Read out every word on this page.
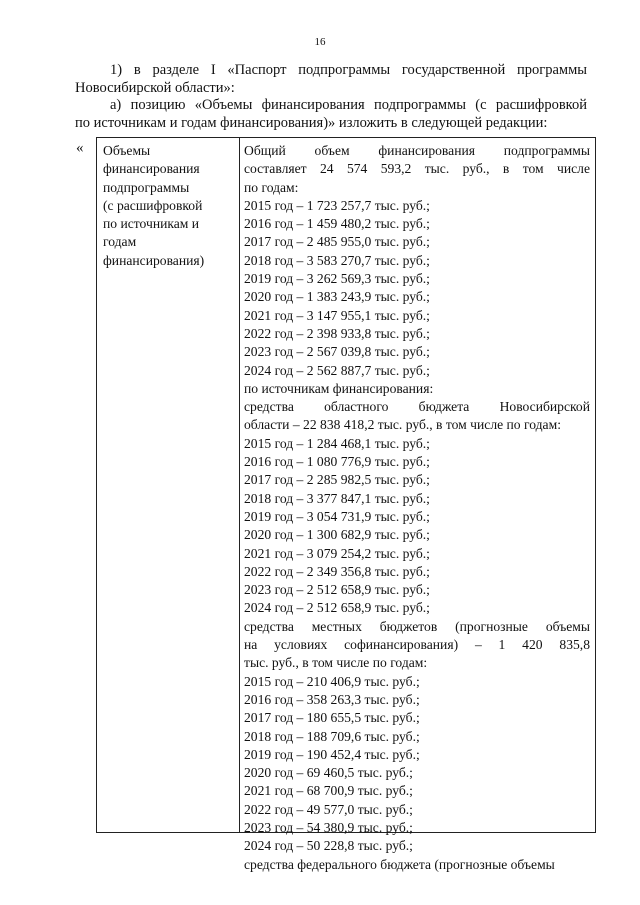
16
1) в разделе I «Паспорт подпрограммы государственной программы
Новосибирской области»:
а) позицию «Объемы финансирования подпрограммы (с расшифровкой
по источникам и годам финансирования)» изложить в следующей редакции:
« Объемы
финансирования
подпрограммы
(с расшифровкой
по источникам и
годам
финансирования)
Общий объем финансирования подпрограммы
составляет 24 574 593,2 тыс. руб., в том числе
по годам:
2015 год – 1 723 257,7 тыс. руб.;
2016 год – 1 459 480,2 тыс. руб.;
2017 год – 2 485 955,0 тыс. руб.;
2018 год – 3 583 270,7 тыс. руб.;
2019 год – 3 262 569,3 тыс. руб.;
2020 год – 1 383 243,9 тыс. руб.;
2021 год – 3 147 955,1 тыс. руб.;
2022 год – 2 398 933,8 тыс. руб.;
2023 год – 2 567 039,8 тыс. руб.;
2024 год – 2 562 887,7 тыс. руб.;
по источникам финансирования:
средства областного бюджета Новосибирской
области – 22 838 418,2 тыс. руб., в том числе по годам:
2015 год – 1 284 468,1 тыс. руб.;
2016 год – 1 080 776,9 тыс. руб.;
2017 год – 2 285 982,5 тыс. руб.;
2018 год – 3 377 847,1 тыс. руб.;
2019 год – 3 054 731,9 тыс. руб.;
2020 год – 1 300 682,9 тыс. руб.;
2021 год – 3 079 254,2 тыс. руб.;
2022 год – 2 349 356,8 тыс. руб.;
2023 год – 2 512 658,9 тыс. руб.;
2024 год – 2 512 658,9 тыс. руб.;
средства местных бюджетов (прогнозные объемы
на условиях софинансирования) – 1 420 835,8
тыс. руб., в том числе по годам:
2015 год – 210 406,9 тыс. руб.;
2016 год – 358 263,3 тыс. руб.;
2017 год – 180 655,5 тыс. руб.;
2018 год – 188 709,6 тыс. руб.;
2019 год – 190 452,4 тыс. руб.;
2020 год – 69 460,5 тыс. руб.;
2021 год – 68 700,9 тыс. руб.;
2022 год – 49 577,0 тыс. руб.;
2023 год – 54 380,9 тыс. руб.;
2024 год – 50 228,8 тыс. руб.;
средства федерального бюджета (прогнозные объемы
